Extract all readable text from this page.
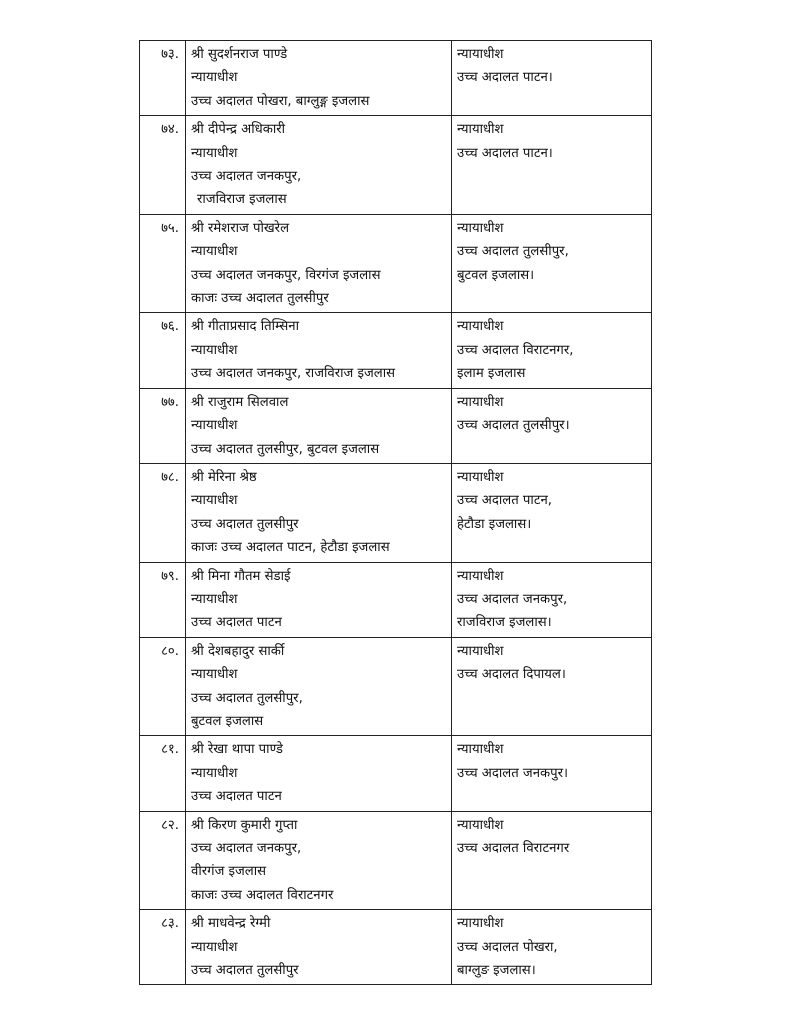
७३.	श्री सुदर्शनराज पाण्डे
न्यायाधीश
उच्च अदालत पोखरा, बाग्लुङ्ग इजलास	न्यायाधीश
उच्च अदालत पाटन।

७४.	श्री दीपेन्द्र अधिकारी
न्यायाधीश
उच्च अदालत जनकपुर,
राजविराज इजलास	न्यायाधीश
उच्च अदालत पाटन।

७५.	श्री रमेशराज पोखरेल
न्यायाधीश
उच्च अदालत जनकपुर, विरगंज इजलास
काजः उच्च अदालत तुलसीपुर	न्यायाधीश
उच्च अदालत तुलसीपुर,
बुटवल इजलास।

७६.	श्री गीताप्रसाद तिम्सिना
न्यायाधीश
उच्च अदालत जनकपुर, राजविराज इजलास	न्यायाधीश
उच्च अदालत विराटनगर,
इलाम इजलास

७७.	श्री राजुराम सिलवाल
न्यायाधीश
उच्च अदालत तुलसीपुर, बुटवल इजलास	न्यायाधीश
उच्च अदालत तुलसीपुर।

७८.	श्री मेरिना श्रेष्ठ
न्यायाधीश
उच्च अदालत तुलसीपुर
काजः उच्च अदालत पाटन, हेटौडा इजलास	न्यायाधीश
उच्च अदालत पाटन,
हेटौडा इजलास।

७९.	श्री मिना गौतम सेडाई
न्यायाधीश
उच्च अदालत पाटन	न्यायाधीश
उच्च अदालत जनकपुर,
राजविराज इजलास।

८०.	श्री देशबहादुर सार्की
न्यायाधीश
उच्च अदालत तुलसीपुर,
बुटवल इजलास	न्यायाधीश
उच्च अदालत दिपायल।

८१.	श्री रेखा थापा पाण्डे
न्यायाधीश
उच्च अदालत पाटन	न्यायाधीश
उच्च अदालत जनकपुर।

८२.	श्री किरण कुमारी गुप्ता
उच्च अदालत जनकपुर,
वीरगंज इजलास
काजः उच्च अदालत विराटनगर	न्यायाधीश
उच्च अदालत विराटनगर

८३.	श्री माधवेन्द्र रेग्मी
न्यायाधीश
उच्च अदालत तुलसीपुर	न्यायाधीश
उच्च अदालत पोखरा,
बाग्लुङ इजलास।
